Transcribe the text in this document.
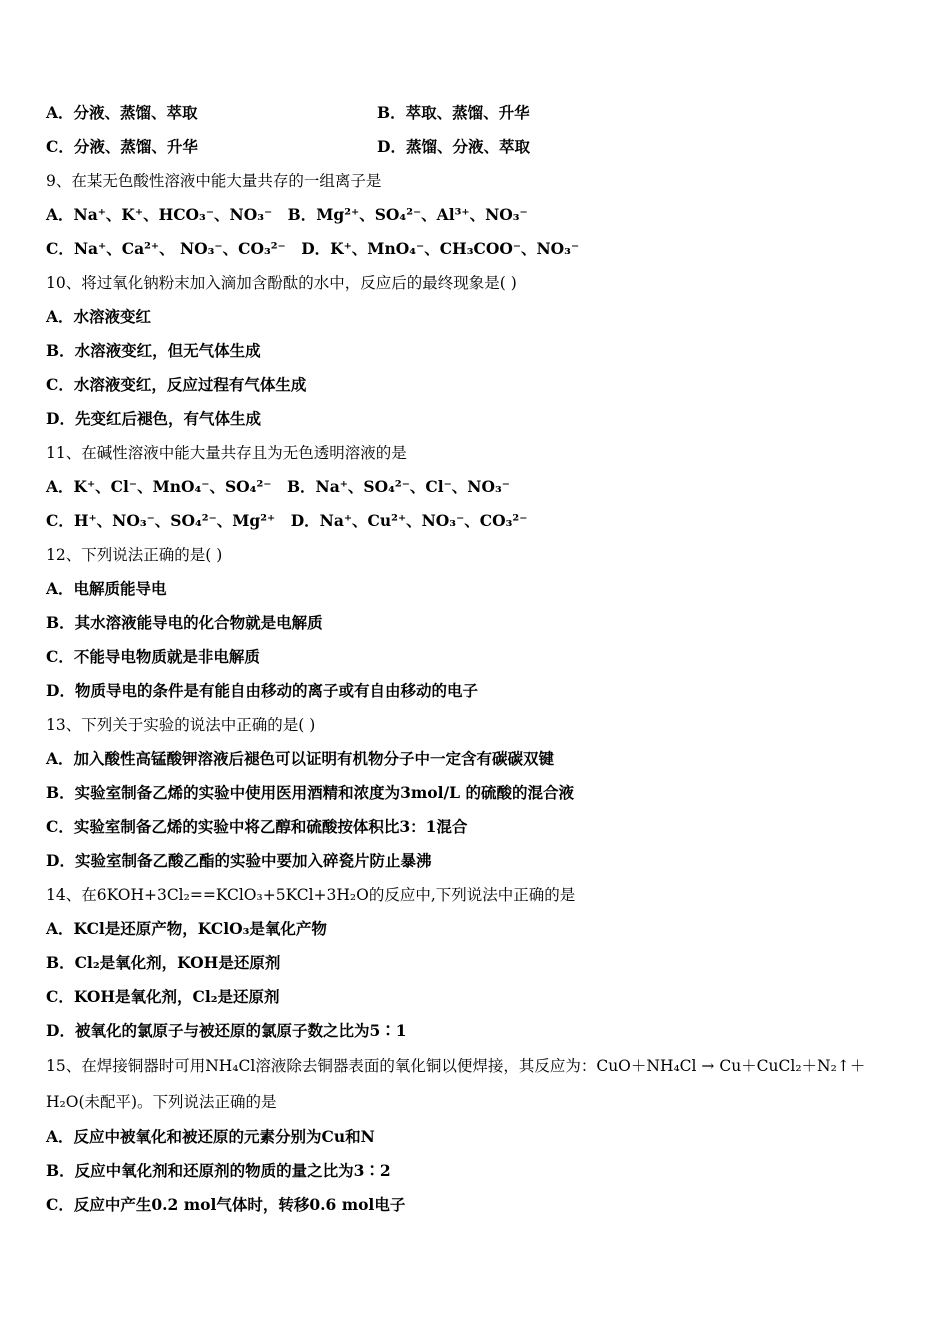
A．分液、蒸馏、萃取	B．萃取、蒸馏、升华
C．分液、蒸馏、升华	D．蒸馏、分液、萃取
9、在某无色酸性溶液中能大量共存的一组离子是
A．Na⁺、K⁺、HCO₃⁻、NO₃⁻　B．Mg²⁺、SO₄²⁻、Al³⁺、NO₃⁻
C．Na⁺、Ca²⁺、 NO₃⁻、CO₃²⁻　D．K⁺、MnO₄⁻、CH₃COO⁻、NO₃⁻
10、将过氧化钠粉末加入滴加含酚酞的水中，反应后的最终现象是( )
A．水溶液变红
B．水溶液变红，但无气体生成
C．水溶液变红，反应过程有气体生成
D．先变红后褪色，有气体生成
11、在碱性溶液中能大量共存且为无色透明溶液的是
A．K⁺、Cl⁻、MnO₄⁻、SO₄²⁻　B．Na⁺、SO₄²⁻、Cl⁻、NO₃⁻
C．H⁺、NO₃⁻、SO₄²⁻、Mg²⁺　D．Na⁺、Cu²⁺、NO₃⁻、CO₃²⁻
12、下列说法正确的是( )
A．电解质能导电
B．其水溶液能导电的化合物就是电解质
C．不能导电物质就是非电解质
D．物质导电的条件是有能自由移动的离子或有自由移动的电子
13、下列关于实验的说法中正确的是( )
A．加入酸性高锰酸钾溶液后褪色可以证明有机物分子中一定含有碳碳双键
B．实验室制备乙烯的实验中使用医用酒精和浓度为3mol/L 的硫酸的混合液
C．实验室制备乙烯的实验中将乙醇和硫酸按体积比3：1混合
D．实验室制备乙酸乙酯的实验中要加入碎瓷片防止暴沸
14、在6KOH+3Cl₂==KClO₃+5KCl+3H₂O的反应中,下列说法中正确的是
A．KCl是还原产物，KClO₃是氧化产物
B．Cl₂是氧化剂，KOH是还原剂
C．KOH是氧化剂，Cl₂是还原剂
D．被氧化的氯原子与被还原的氯原子数之比为5∶1
15、在焊接铜器时可用NH₄Cl溶液除去铜器表面的氧化铜以便焊接，其反应为：CuO＋NH₄Cl → Cu＋CuCl₂＋N₂↑＋
H₂O(未配平)。下列说法正确的是
A．反应中被氧化和被还原的元素分别为Cu和N
B．反应中氧化剂和还原剂的物质的量之比为3∶2
C．反应中产生0.2 mol气体时，转移0.6 mol电子
